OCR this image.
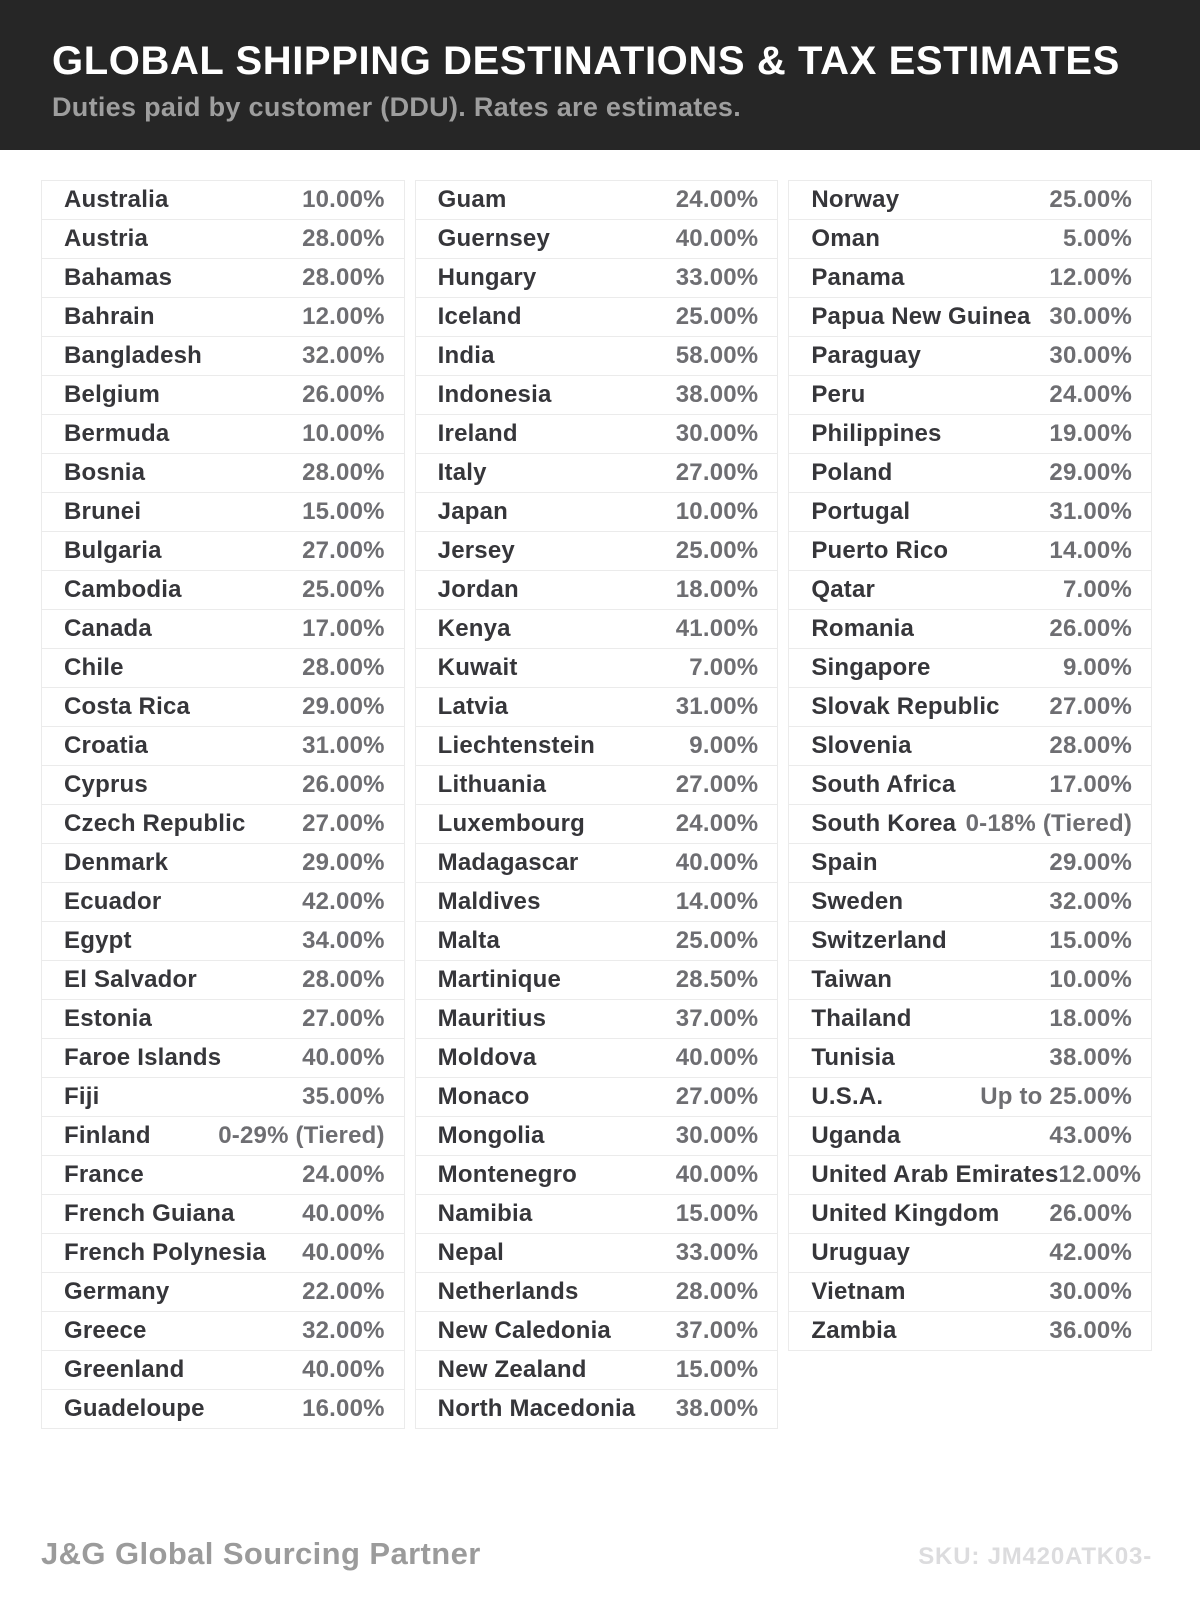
GLOBAL SHIPPING DESTINATIONS & TAX ESTIMATES

Duties paid by customer (DDU). Rates are estimates.

Australia	10.00%
Austria	28.00%
Bahamas	28.00%
Bahrain	12.00%
Bangladesh	32.00%
Belgium	26.00%
Bermuda	10.00%
Bosnia	28.00%
Brunei	15.00%
Bulgaria	27.00%
Cambodia	25.00%
Canada	17.00%
Chile	28.00%
Costa Rica	29.00%
Croatia	31.00%
Cyprus	26.00%
Czech Republic 27.00%
Denmark	29.00%
Ecuador	42.00%
Egypt	34.00%
El Salvador	28.00%
Estonia	27.00%
Faroe Islands	40.00%
Fiji	35.00%
Finland	0-29% (Tiered)
France	24.00%
French Guiana	40.00%
French Polynesia 40.00%
Germany	22.00%
Greece	32.00%
Greenland	40.00%
Guadeloupe	16.00%
Guam	24.00%
Guernsey	40.00%
Hungary	33.00%
Iceland	25.00%
India	58.00%
Indonesia	38.00%
Ireland	30.00%
Italy	27.00%
Japan	10.00%
Jersey	25.00%
Jordan	18.00%
Kenya	41.00%
Kuwait	7.00%
Latvia	31.00%
Liechtenstein	9.00%
Lithuania	27.00%
Luxembourg	24.00%
Madagascar	40.00%
Maldives	14.00%
Malta	25.00%
Martinique	28.50%
Mauritius	37.00%
Moldova	40.00%
Monaco	27.00%
Mongolia	30.00%
Montenegro	40.00%
Namibia	15.00%
Nepal	33.00%
Netherlands	28.00%
New Caledonia	37.00%
New Zealand	15.00%
North Macedonia 38.00%
Norway	25.00%
Oman	5.00%
Panama	12.00%
Papua New Guinea 30.00%
Paraguay	30.00%
Peru	24.00%
Philippines	19.00%
Poland	29.00%
Portugal	31.00%
Puerto Rico	14.00%
Qatar	7.00%
Romania	26.00%
Singapore	9.00%
Slovak Republic 27.00%
Slovenia	28.00%
South Africa	17.00%
South Korea 0-18% (Tiered)
Spain	29.00%
Sweden	32.00%
Switzerland	15.00%
Taiwan	10.00%
Thailand	18.00%
Tunisia	38.00%
U.S.A.	Up to 25.00%
Uganda	43.00%
United Arab Emirates 12.00%
United Kingdom 26.00%
Uruguay	42.00%
Vietnam	30.00%
Zambia	36.00%
J&G Global Sourcing Partner	SKU: JM420ATK03-
